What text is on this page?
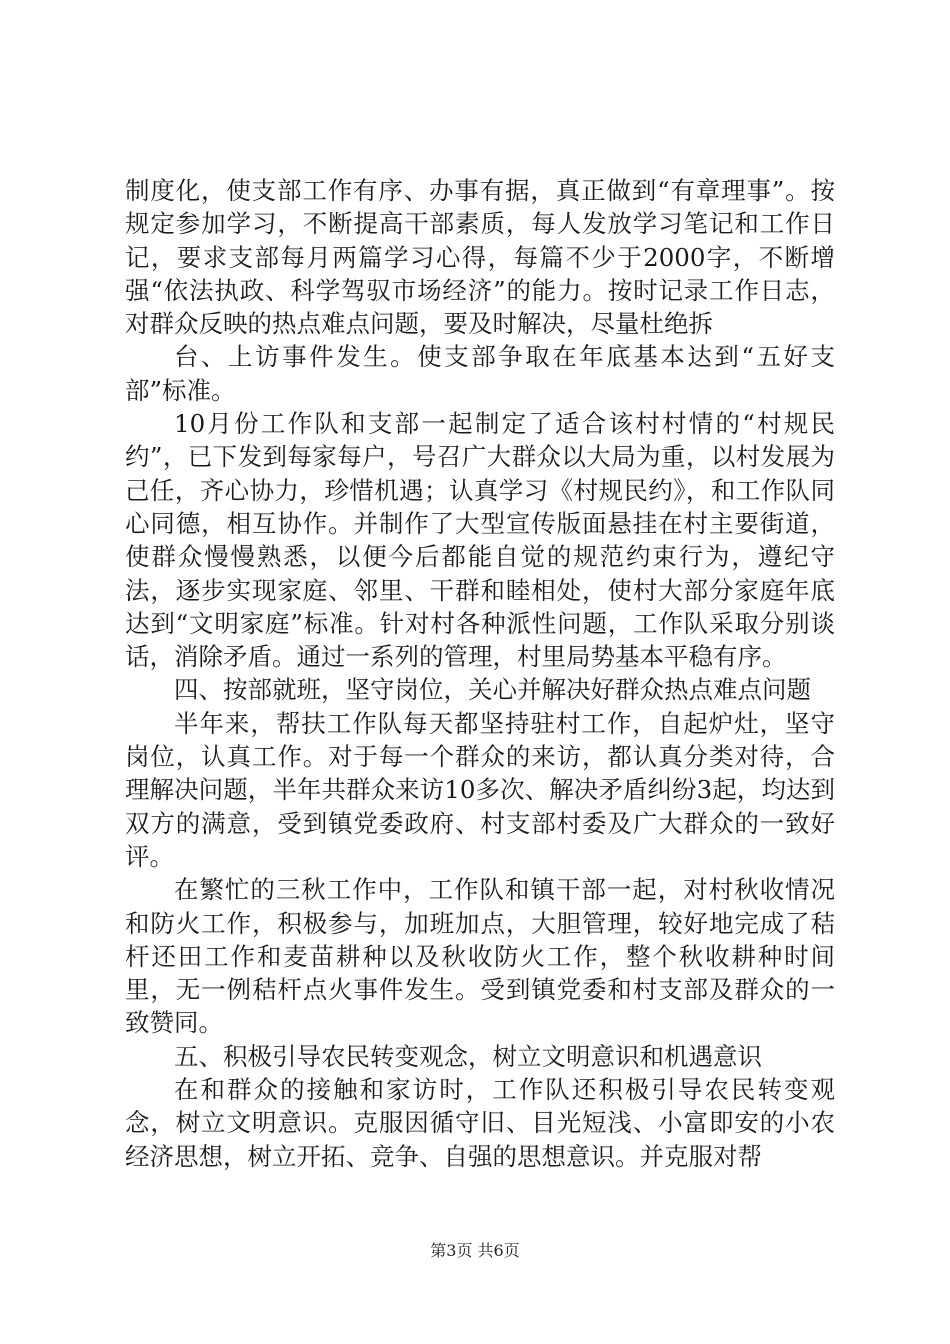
制度化，使支部工作有序、办事有据，真正做到“有章理事”。按规定参加学习，不断提高干部素质，每人发放学习笔记和工作日记，要求支部每月两篇学习心得，每篇不少于2000字，不断增强“依法执政、科学驾驭市场经济”的能力。按时记录工作日志，对群众反映的热点难点问题，要及时解决，尽量杜绝拆

台、上访事件发生。使支部争取在年底基本达到“五好支部”标准。

10月份工作队和支部一起制定了适合该村村情的“村规民约”，已下发到每家每户，号召广大群众以大局为重，以村发展为己任，齐心协力，珍惜机遇；认真学习《村规民约》，和工作队同心同德，相互协作。并制作了大型宣传版面悬挂在村主要街道，使群众慢慢熟悉，以便今后都能自觉的规范约束行为，遵纪守法，逐步实现家庭、邻里、干群和睦相处，使村大部分家庭年底达到“文明家庭”标准。针对村各种派性问题，工作队采取分别谈话，消除矛盾。通过一系列的管理，村里局势基本平稳有序。

四、按部就班，坚守岗位，关心并解决好群众热点难点问题

半年来，帮扶工作队每天都坚持驻村工作，自起炉灶，坚守岗位，认真工作。对于每一个群众的来访，都认真分类对待，合理解决问题，半年共群众来访10多次、解决矛盾纠纷3起，均达到双方的满意，受到镇党委政府、村支部村委及广大群众的一致好评。

在繁忙的三秋工作中，工作队和镇干部一起，对村秋收情况和防火工作，积极参与，加班加点，大胆管理，较好地完成了秸杆还田工作和麦苗耕种以及秋收防火工作，整个秋收耕种时间里，无一例秸杆点火事件发生。受到镇党委和村支部及群众的一致赞同。

五、积极引导农民转变观念，树立文明意识和机遇意识

在和群众的接触和家访时，工作队还积极引导农民转变观念，树立文明意识。克服因循守旧、目光短浅、小富即安的小农经济思想，树立开拓、竞争、自强的思想意识。并克服对帮

第3页 共6页
